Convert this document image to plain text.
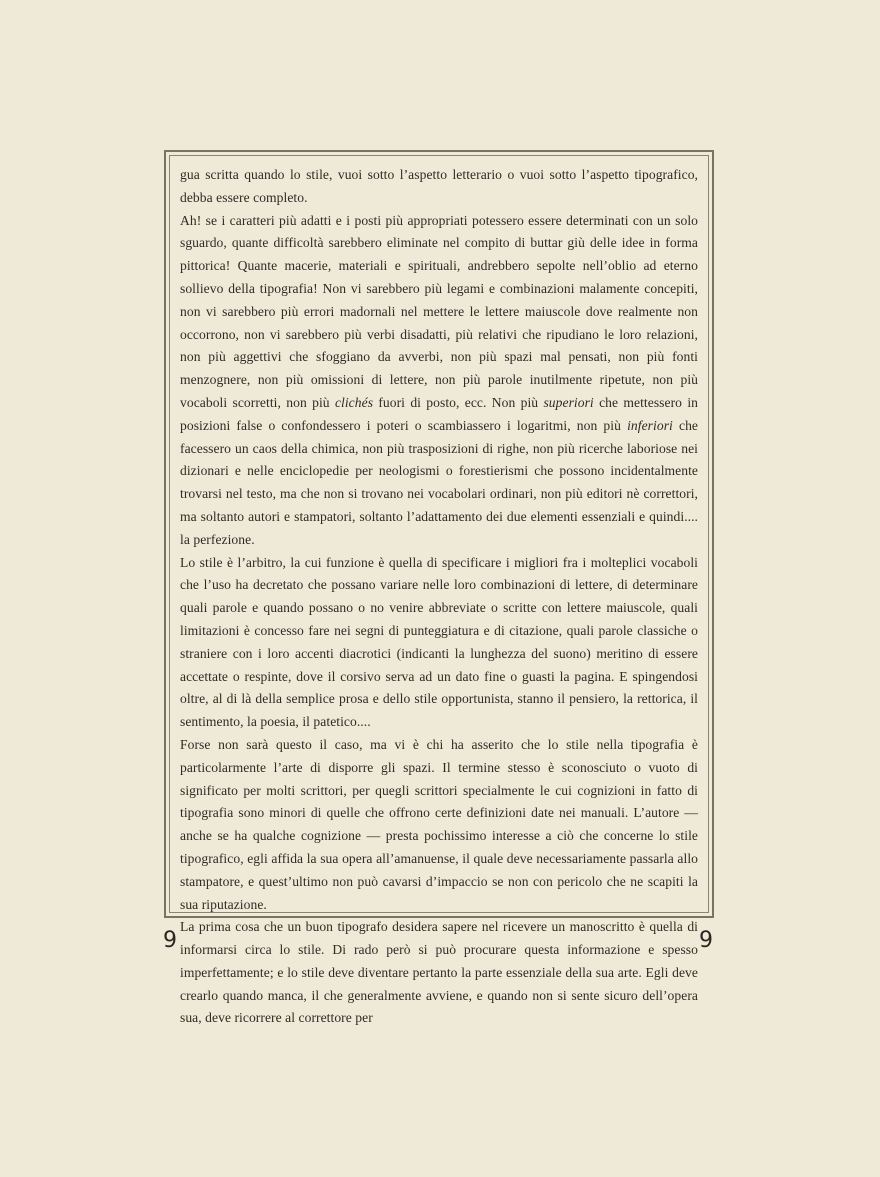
gua scritta quando lo stile, vuoi sotto l’aspetto letterario o vuoi sotto l’aspetto tipografico, debba essere completo.

Ah! se i caratteri più adatti e i posti più appropriati potessero essere determinati con un solo sguardo, quante difficoltà sarebbero eliminate nel compito di buttar giù delle idee in forma pittorica! Quante macerie, materiali e spirituali, andrebbero sepolte nell’oblio ad eterno sollievo della tipografia! Non vi sarebbero più legami e combinazioni malamente concepiti, non vi sarebbero più errori madornali nel mettere le lettere maiuscole dove realmente non occorrono, non vi sarebbero più verbi disadatti, più relativi che ripudiano le loro relazioni, non più aggettivi che sfoggiano da avverbi, non più spazi mal pensati, non più fonti menzognere, non più omissioni di lettere, non più parole inutilmente ripetute, non più vocaboli scorretti, non più clichés fuori di posto, ecc. Non più superiori che mettessero in posizioni false o confondessero i poteri o scambiassero i logaritmi, non più inferiori che facessero un caos della chimica, non più trasposizioni di righe, non più ricerche laboriose nei dizionari e nelle enciclopedie per neologismi o forestierismi che possono incidentalmente trovarsi nel testo, ma che non si trovano nei vocabolari ordinari, non più editori nè correttori, ma soltanto autori e stampatori, soltanto l’adattamento dei due elementi essenziali e quindi.... la perfezione.

Lo stile è l’arbitro, la cui funzione è quella di specificare i migliori fra i molteplici vocaboli che l’uso ha decretato che possano variare nelle loro combinazioni di lettere, di determinare quali parole e quando possano o no venire abbreviate o scritte con lettere maiuscole, quali limitazioni è concesso fare nei segni di punteggiatura e di citazione, quali parole classiche o straniere con i loro accenti diacrotici (indicanti la lunghezza del suono) meritino di essere accettate o respinte, dove il corsivo serva ad un dato fine o guasti la pagina. E spingendosi oltre, al di là della semplice prosa e dello stile opportunista, stanno il pensiero, la rettorica, il sentimento, la poesia, il patetico....

Forse non sarà questo il caso, ma vi è chi ha asserito che lo stile nella tipografia è particolarmente l’arte di disporre gli spazi. Il termine stesso è sconosciuto o vuoto di significato per molti scrittori, per quegli scrittori specialmente le cui cognizioni in fatto di tipografia sono minori di quelle che offrono certe definizioni date nei manuali. L’autore — anche se ha qualche cognizione — presta pochissimo interesse a ciò che concerne lo stile tipografico, egli affida la sua opera all’amanuense, il quale deve necessariamente passarla allo stampatore, e quest’ultimo non può cavarsi d’impaccio se non con pericolo che ne scapiti la sua riputazione.

La prima cosa che un buon tipografo desidera sapere nel ricevere un manoscritto è quella di informarsi circa lo stile. Di rado però si può procurare questa informazione e spesso imperfettamente; e lo stile deve diventare pertanto la parte essenziale della sua arte. Egli deve crearlo quando manca, il che generalmente avviene, e quando non si sente sicuro dell’opera sua, deve ricorrere al correttore per

9	9
